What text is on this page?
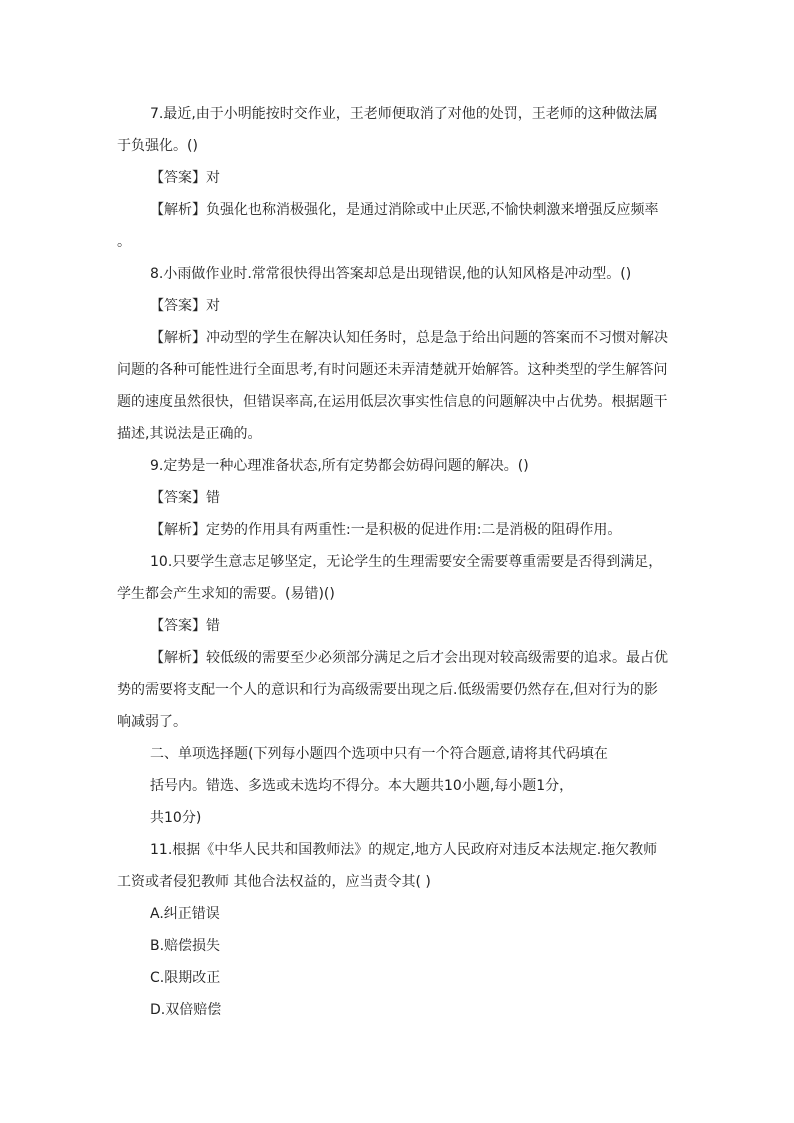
7.最近,由于小明能按时交作业，王老师便取消了对他的处罚，王老师的这种做法属
于负强化。()
【答案】对
【解析】负强化也称消极强化，是通过消除或中止厌恶,不愉快刺激来增强反应频率
。
8.小雨做作业时.常常很快得出答案却总是出现错误,他的认知风格是冲动型。()
【答案】对
【解析】冲动型的学生在解决认知任务时，总是急于给出问题的答案而不习惯对解决
问题的各种可能性进行全面思考,有时问题还未弄清楚就开始解答。这种类型的学生解答问
题的速度虽然很快，但错误率高,在运用低层次事实性信息的问题解决中占优势。根据题干
描述,其说法是正确的。
9.定势是一种心理准备状态,所有定势都会妨碍问题的解决。()
【答案】错
【解析】定势的作用具有两重性:一是积极的促进作用:二是消极的阻碍作用。
10.只要学生意志足够坚定，无论学生的生理需要安全需要尊重需要是否得到满足，
学生都会产生求知的需要。(易错)()
【答案】错
【解析】较低级的需要至少必须部分满足之后才会出现对较高级需要的追求。最占优
势的需要将支配一个人的意识和行为高级需要出现之后.低级需要仍然存在,但对行为的影
响减弱了。
二、单项选择题(下列每小题四个选项中只有一个符合题意,请将其代码填在
括号内。错选、多选或未选均不得分。本大题共10小题,每小题1分，
共10分)
11.根据《中华人民共和国教师法》的规定,地方人民政府对违反本法规定.拖欠教师
工资或者侵犯教师 其他合法权益的，应当责令其( )
A.纠正错误
B.赔偿损失
C.限期改正
D.双倍赔偿
